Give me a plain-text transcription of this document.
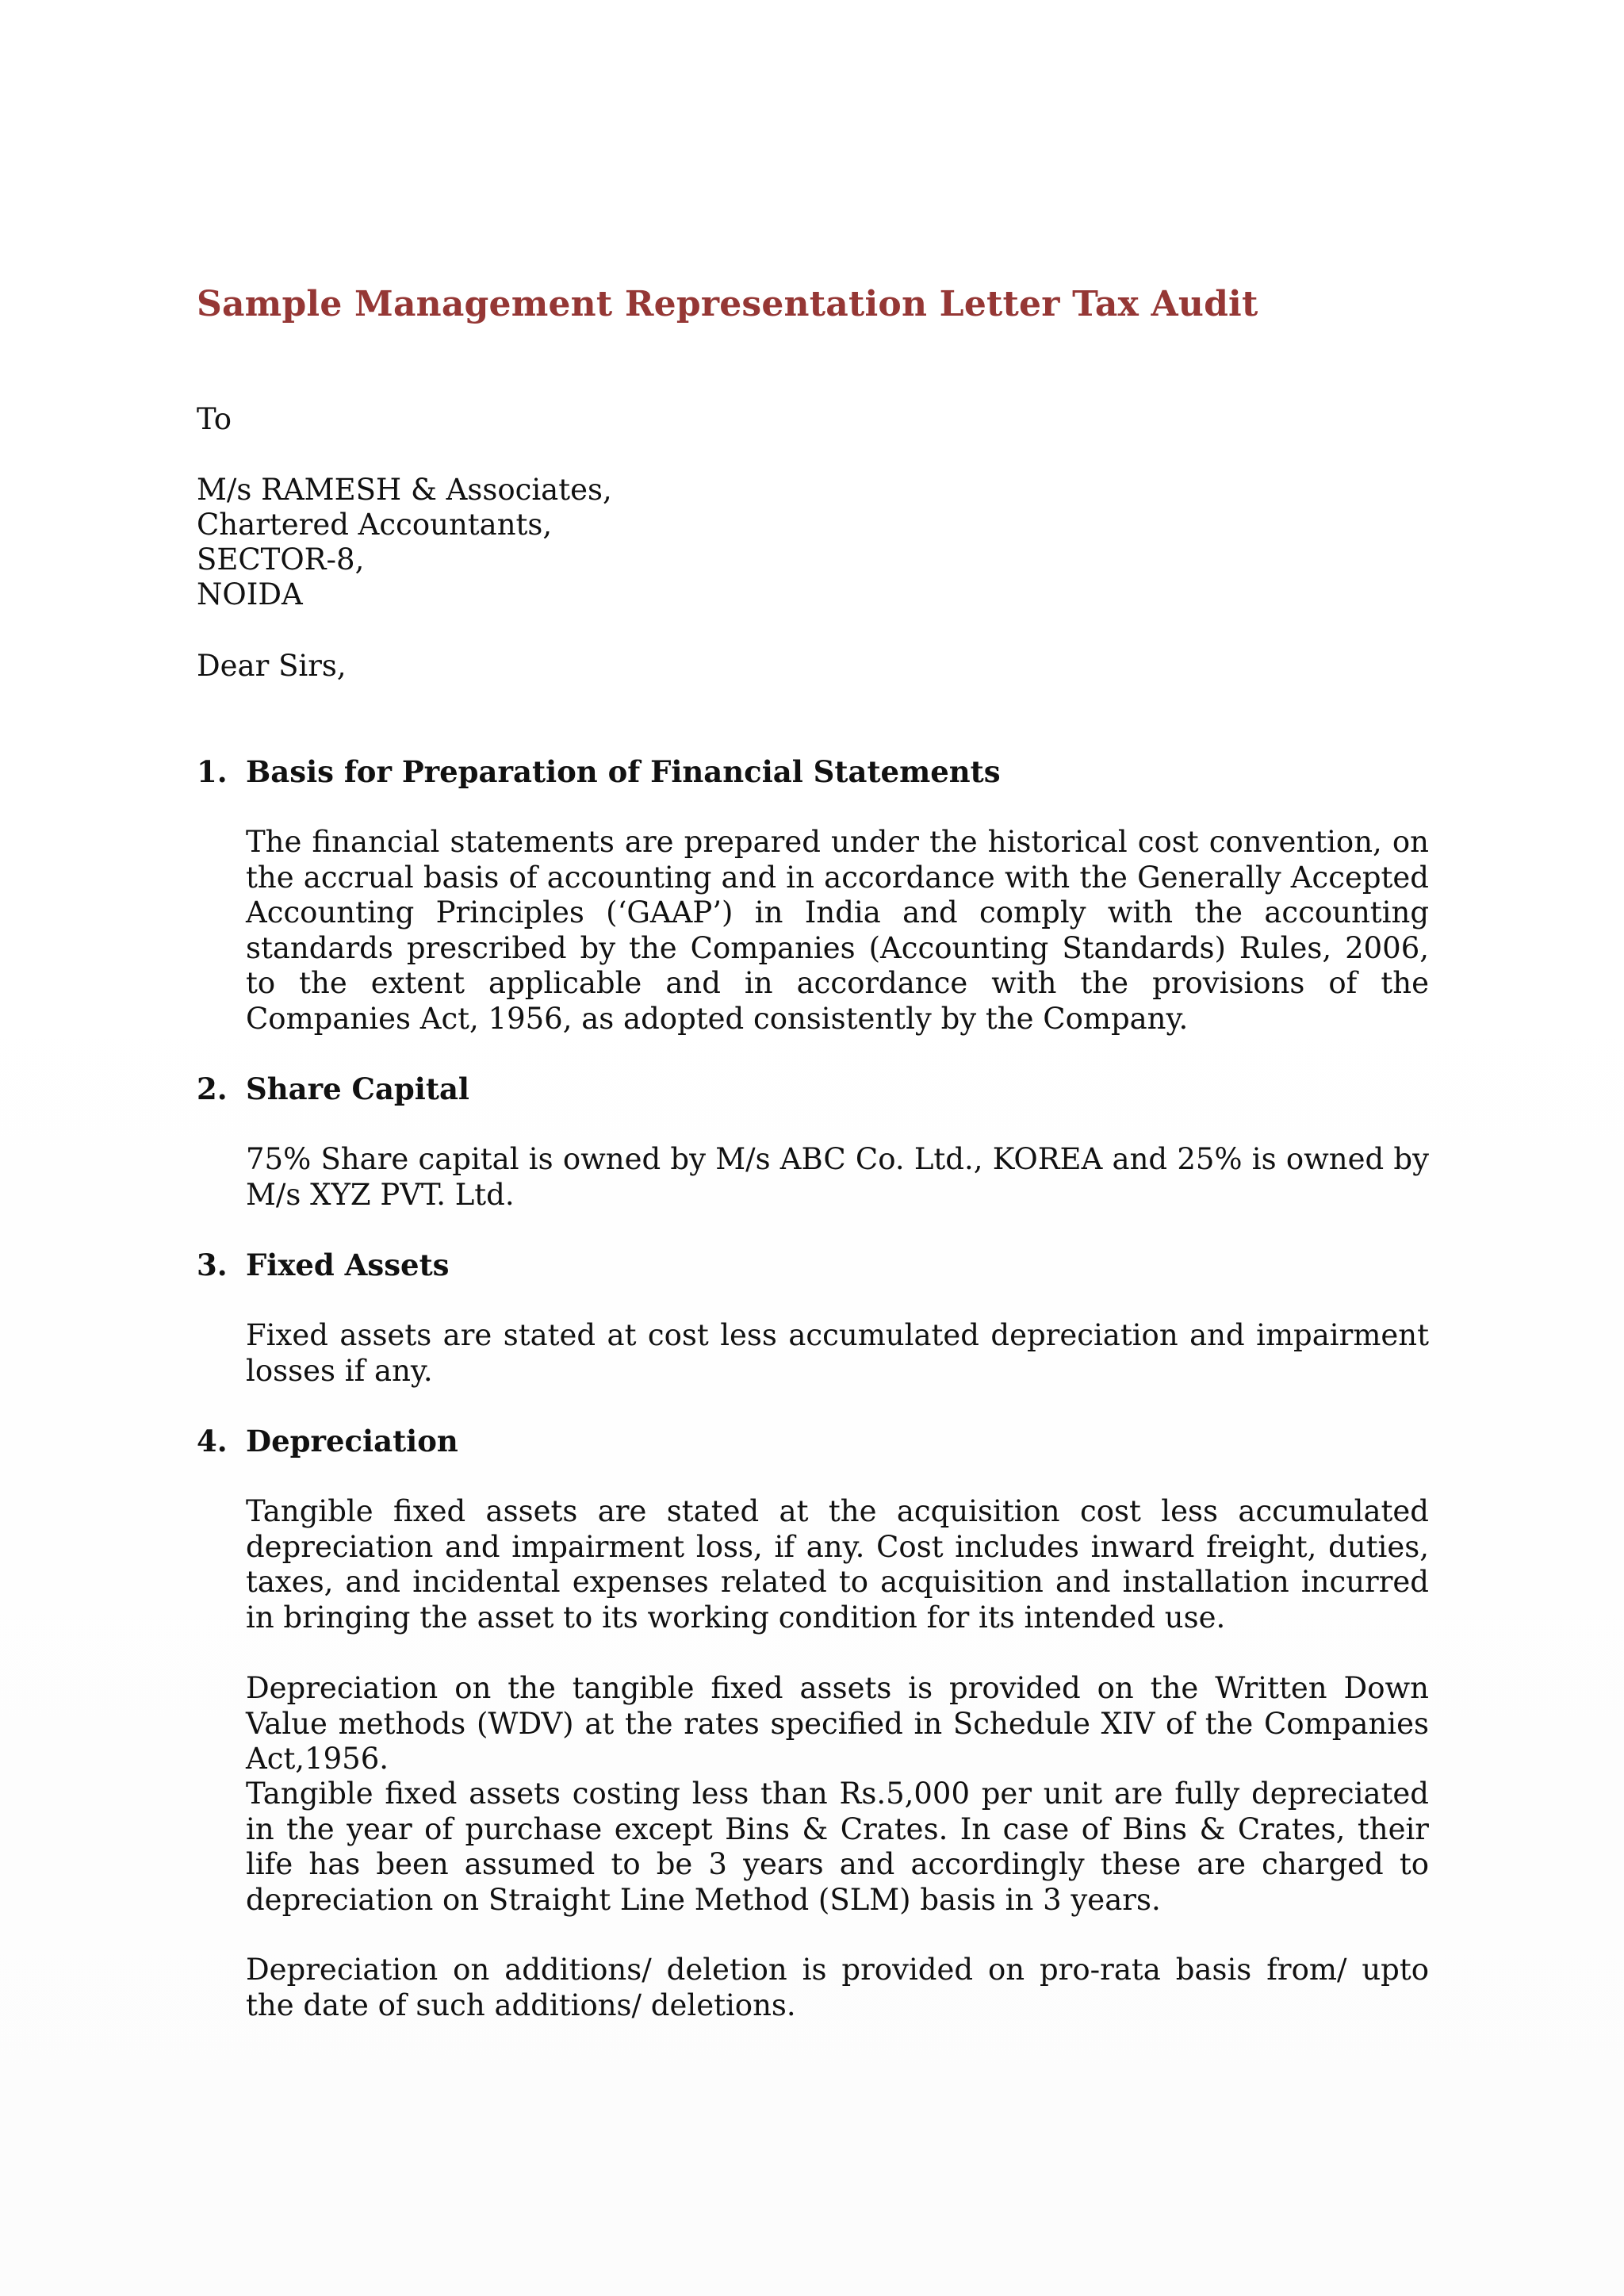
Sample Management Representation Letter Tax Audit

To

M/s RAMESH & Associates,

Chartered Accountants,

SECTOR-8,

NOIDA

Dear Sirs,

1. Basis for Preparation of Financial Statements

The financial statements are prepared under the historical cost convention, on the accrual basis of accounting and in accordance with the Generally Accepted Accounting Principles (‘GAAP’) in India and comply with the accounting standards prescribed by the Companies (Accounting Standards) Rules, 2006, to the extent applicable and in accordance with the provisions of the Companies Act, 1956, as adopted consistently by the Company.

2. Share Capital

75% Share capital is owned by M/s ABC Co. Ltd., KOREA and 25% is owned by M/s XYZ PVT. Ltd.

3. Fixed Assets

Fixed assets are stated at cost less accumulated depreciation and impairment losses if any.

4. Depreciation

Tangible fixed assets are stated at the acquisition cost less accumulated depreciation and impairment loss, if any. Cost includes inward freight, duties, taxes, and incidental expenses related to acquisition and installation incurred in bringing the asset to its working condition for its intended use.

Depreciation on the tangible fixed assets is provided on the Written Down Value methods (WDV) at the rates specified in Schedule XIV of the Companies Act,1956.

Tangible fixed assets costing less than Rs.5,000 per unit are fully depreciated in the year of purchase except Bins & Crates. In case of Bins & Crates, their life has been assumed to be 3 years and accordingly these are charged to depreciation on Straight Line Method (SLM) basis in 3 years.

Depreciation on additions/ deletion is provided on pro-rata basis from/ upto the date of such additions/ deletions.
